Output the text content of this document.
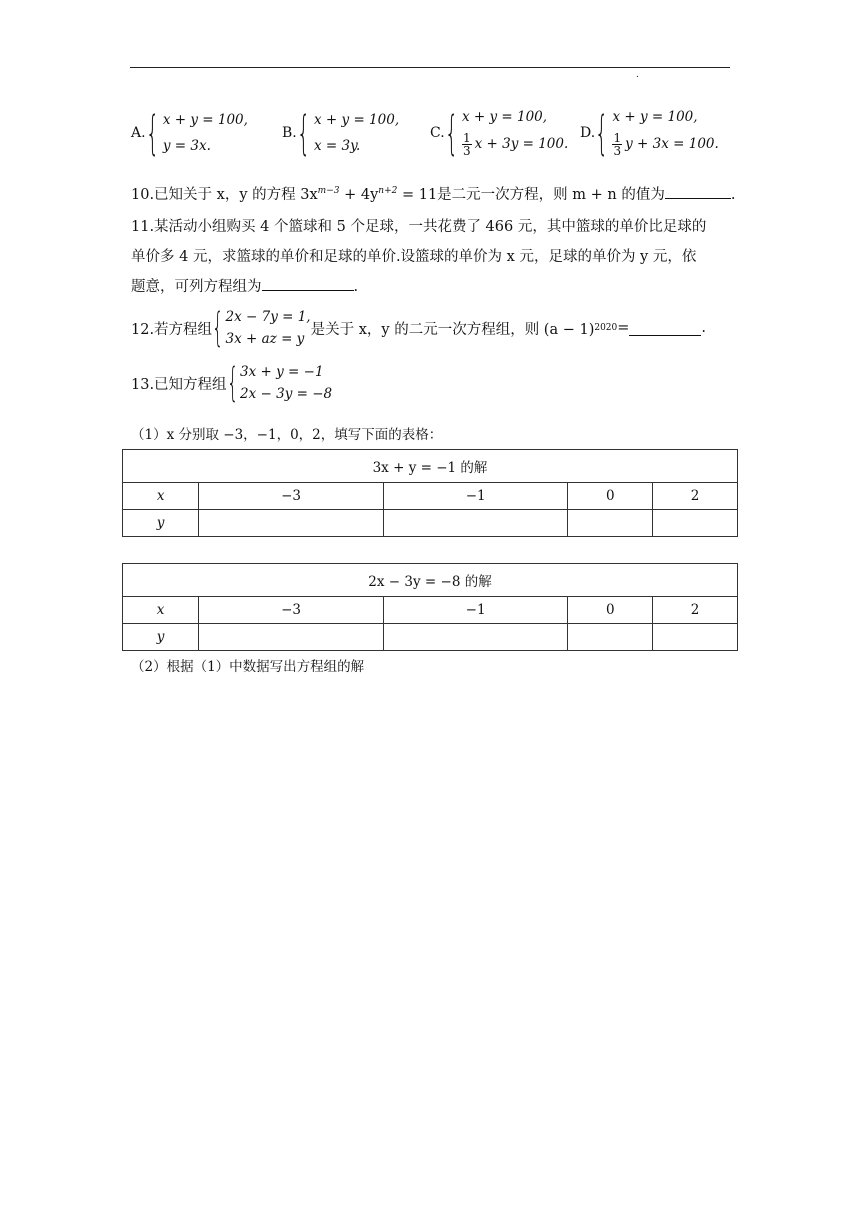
.
A. { x + y = 100,
y = 3x.
B. { x + y = 100,
x = 3y.
C. { x + y = 100,
$\frac{1}{3}$ x + 3y = 100.
D. { x + y = 100,
$\frac{1}{3}$ y + 3x = 100.
10.已知关于 x，y 的方程 $3x^{m-3} + 4y^{n+2} = 11$是二元一次方程，则 m + n 的值为	.
11.某活动小组购买 4 个篮球和 5 个足球，一共花费了 466 元，其中篮球的单价比足球的
单价多 4 元，求篮球的单价和足球的单价.设篮球的单价为 x 元，足球的单价为 y 元，依
题意，可列方程组为	.
12.若方程组 { 2x − 7y = 1,
3x + az = y
是关于 x，y 的二元一次方程组，则 (a − 1) 2020 =	.
13.已知方程组 { 3x + y = −1
2x − 3y = −8
（1）x 分别取 −3，−1，0，2，填写下面的表格：
3x + y = −1 的解				
x	−3	−1	0	2
y				
2x − 3y = −8 的解				
x	−3	−1	0	2
y				
（2）根据（1）中数据写出方程组的解
